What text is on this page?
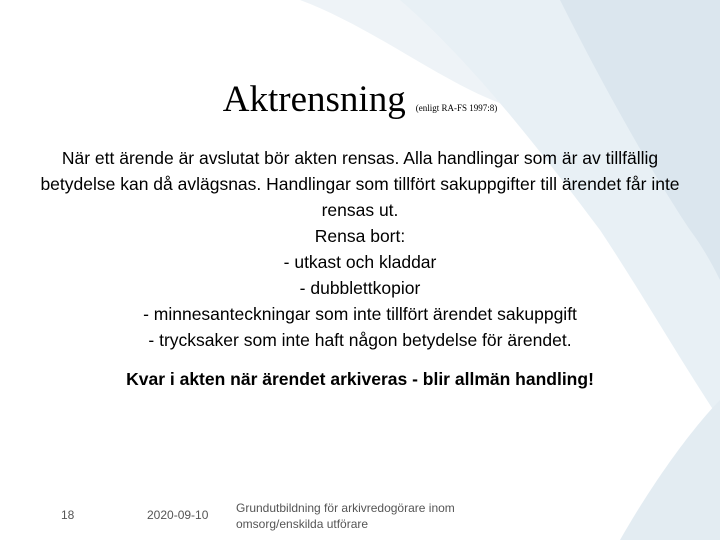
Aktrensning (enligt RA-FS 1997:8)

När ett ärende är avslutat bör akten rensas. Alla handlingar som är av tillfällig betydelse kan då avlägsnas. Handlingar som tillfört sakuppgifter till ärendet får inte rensas ut.

Rensa bort:

- utkast och kladdar

- dubblettkopior

- minnesanteckningar som inte tillfört ärendet sakuppgift

- trycksaker som inte haft någon betydelse för ärendet.

Kvar i akten när ärendet arkiveras - blir allmän handling!
18	2020-09-10 Grundutbildning för arkivredogörare inom omsorg/enskilda utförare
